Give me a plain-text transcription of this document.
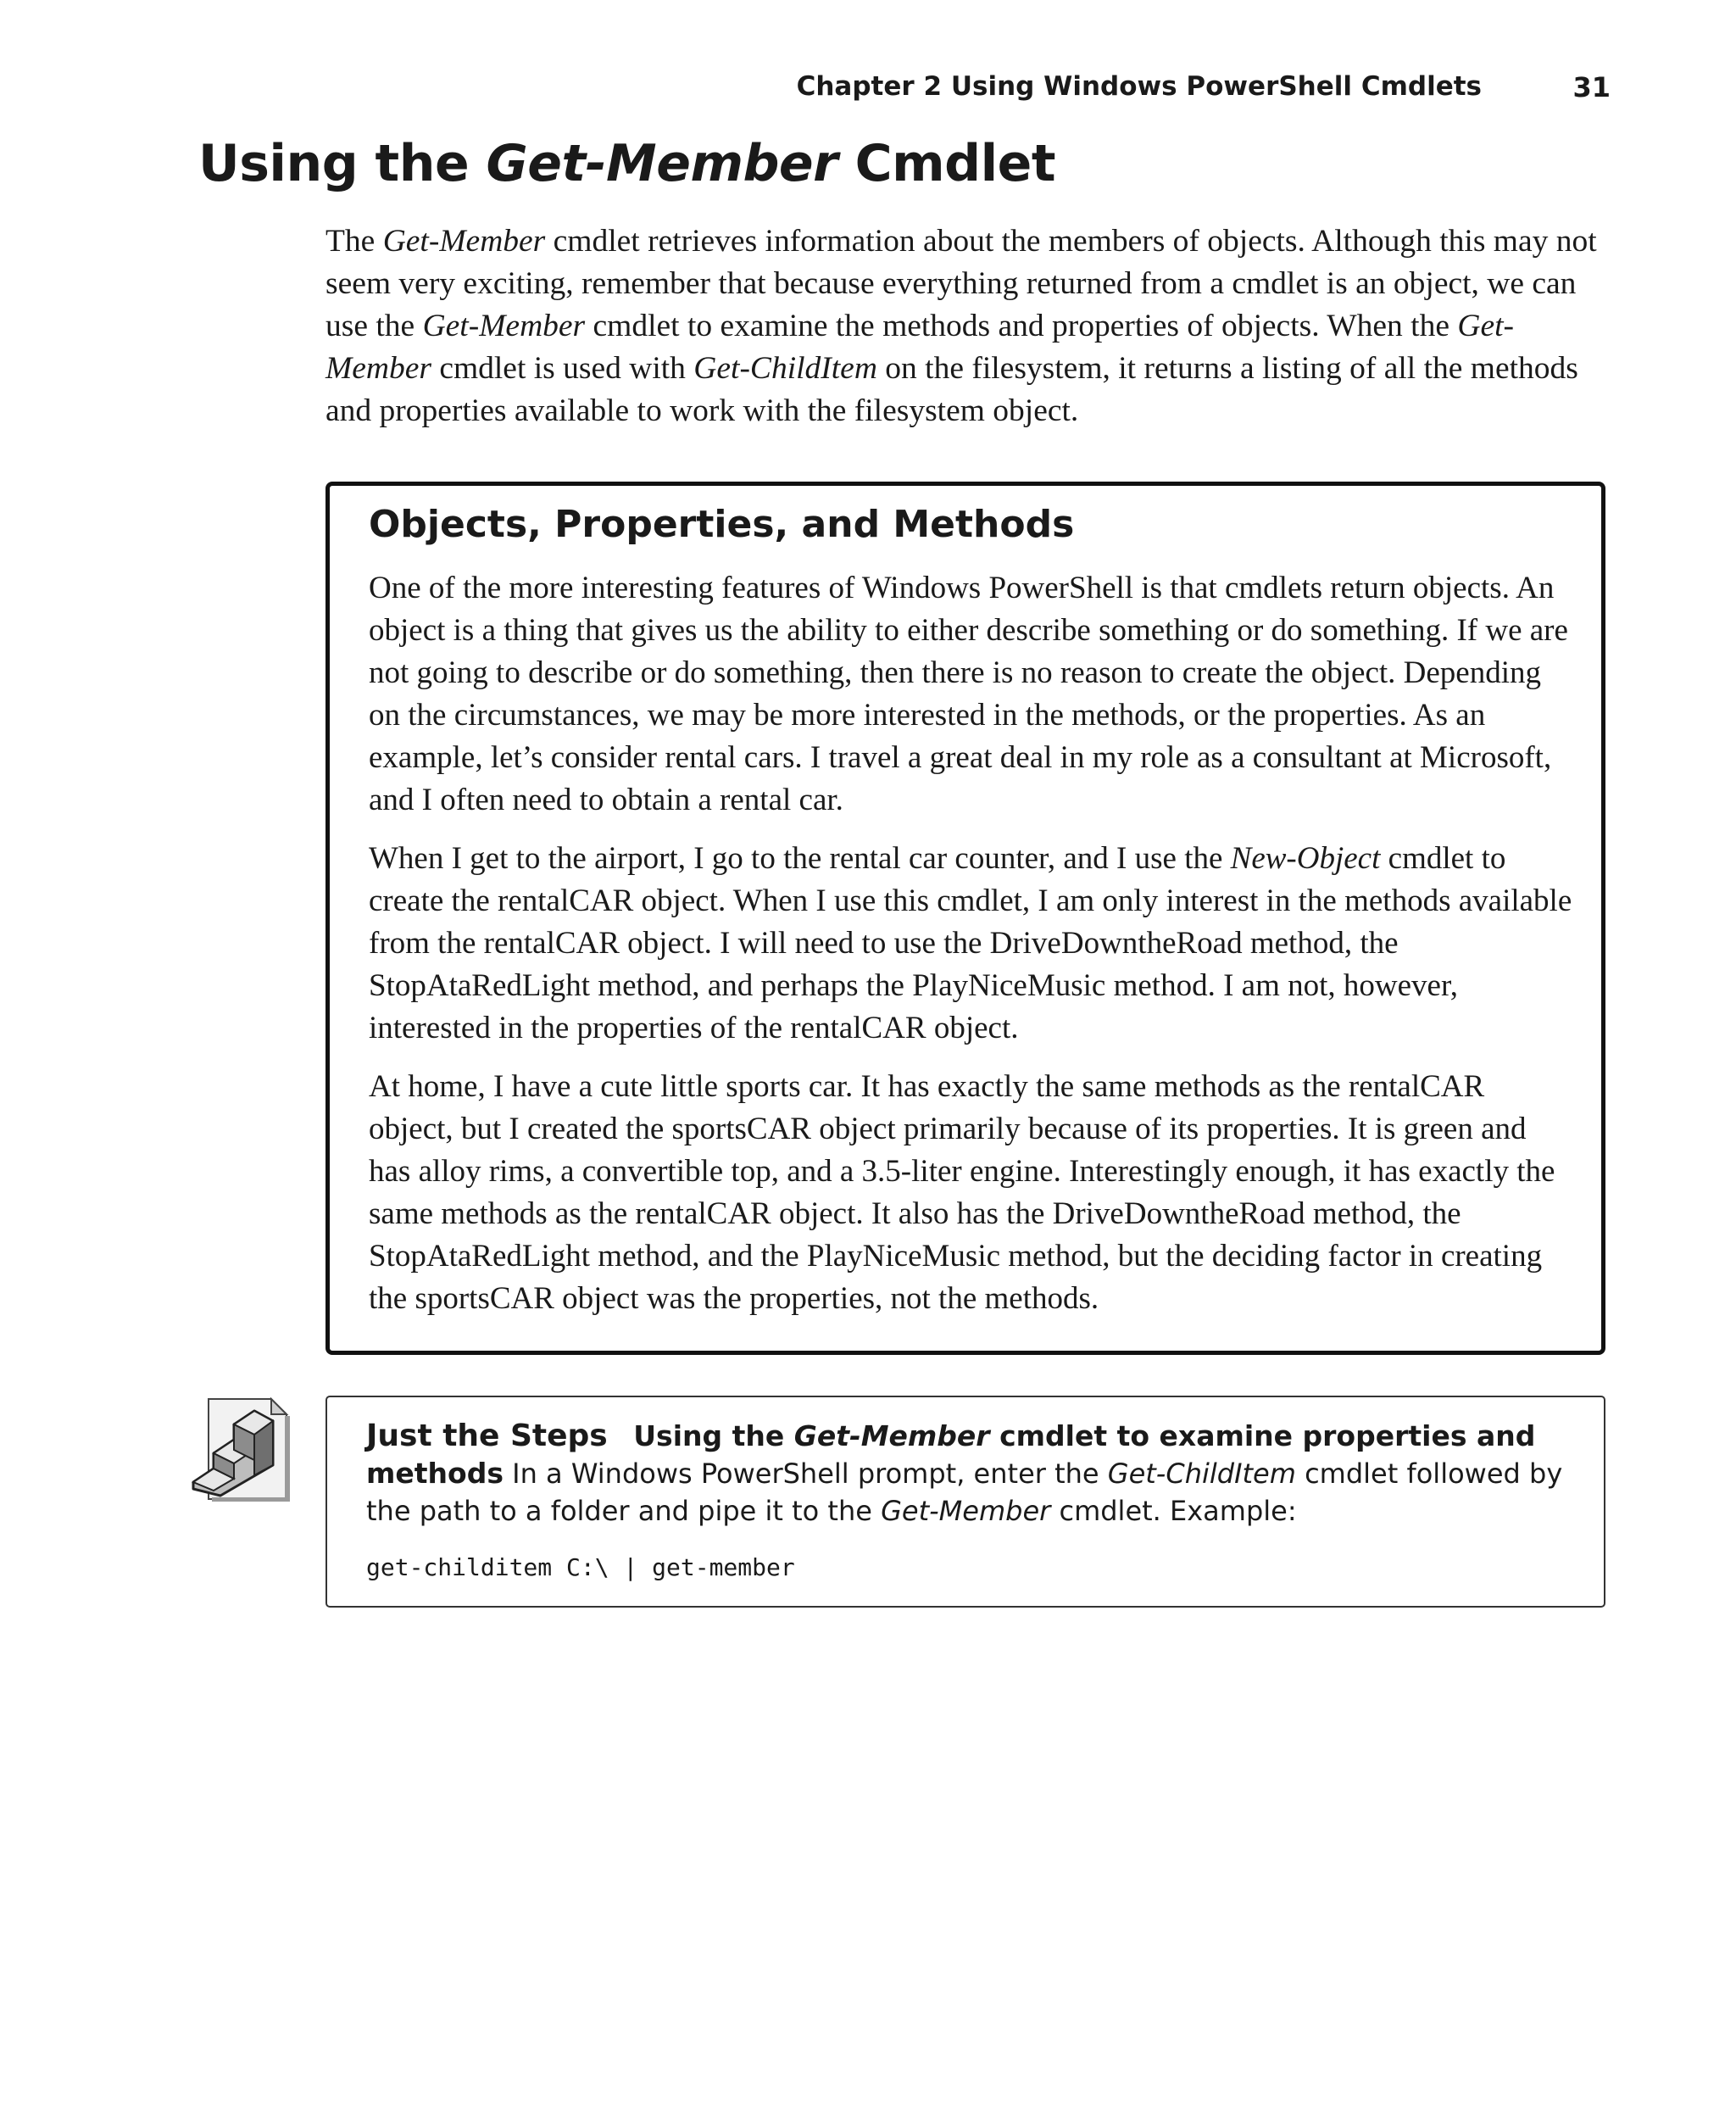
Chapter 2 Using Windows PowerShell Cmdlets	31
Using the Get-Member Cmdlet

The Get-Member cmdlet retrieves information about the members of objects. Although this may not seem very exciting, remember that because everything returned from a cmdlet is an object, we can use the Get-Member cmdlet to examine the methods and properties of objects. When the Get-Member cmdlet is used with Get-ChildItem on the filesystem, it returns a listing of all the methods and properties available to work with the filesystem object.

Objects, Properties, and Methods

One of the more interesting features of Windows PowerShell is that cmdlets return objects. An object is a thing that gives us the ability to either describe something or do something. If we are not going to describe or do something, then there is no reason to create the object. Depending on the circumstances, we may be more interested in the methods, or the properties. As an example, let’s consider rental cars. I travel a great deal in my role as a consultant at Microsoft, and I often need to obtain a rental car.

When I get to the airport, I go to the rental car counter, and I use the New-Object cmdlet to create the rentalCAR object. When I use this cmdlet, I am only interest in the methods available from the rentalCAR object. I will need to use the DriveDowntheRoad method, the StopAtaRedLight method, and perhaps the PlayNiceMusic method. I am not, however, interested in the properties of the rentalCAR object.

At home, I have a cute little sports car. It has exactly the same methods as the rentalCAR object, but I created the sportsCAR object primarily because of its properties. It is green and has alloy rims, a convertible top, and a 3.5-liter engine. Interestingly enough, it has exactly the same methods as the rentalCAR object. It also has the DriveDowntheRoad method, the StopAtaRedLight method, and the PlayNiceMusic method, but the deciding factor in creating the sportsCAR object was the properties, not the methods.

Just the Steps Using the Get-Member cmdlet to examine properties and methods In a Windows PowerShell prompt, enter the Get-ChildItem cmdlet followed by the path to a folder and pipe it to the Get-Member cmdlet. Example:

get-childitem C:\ | get-member
